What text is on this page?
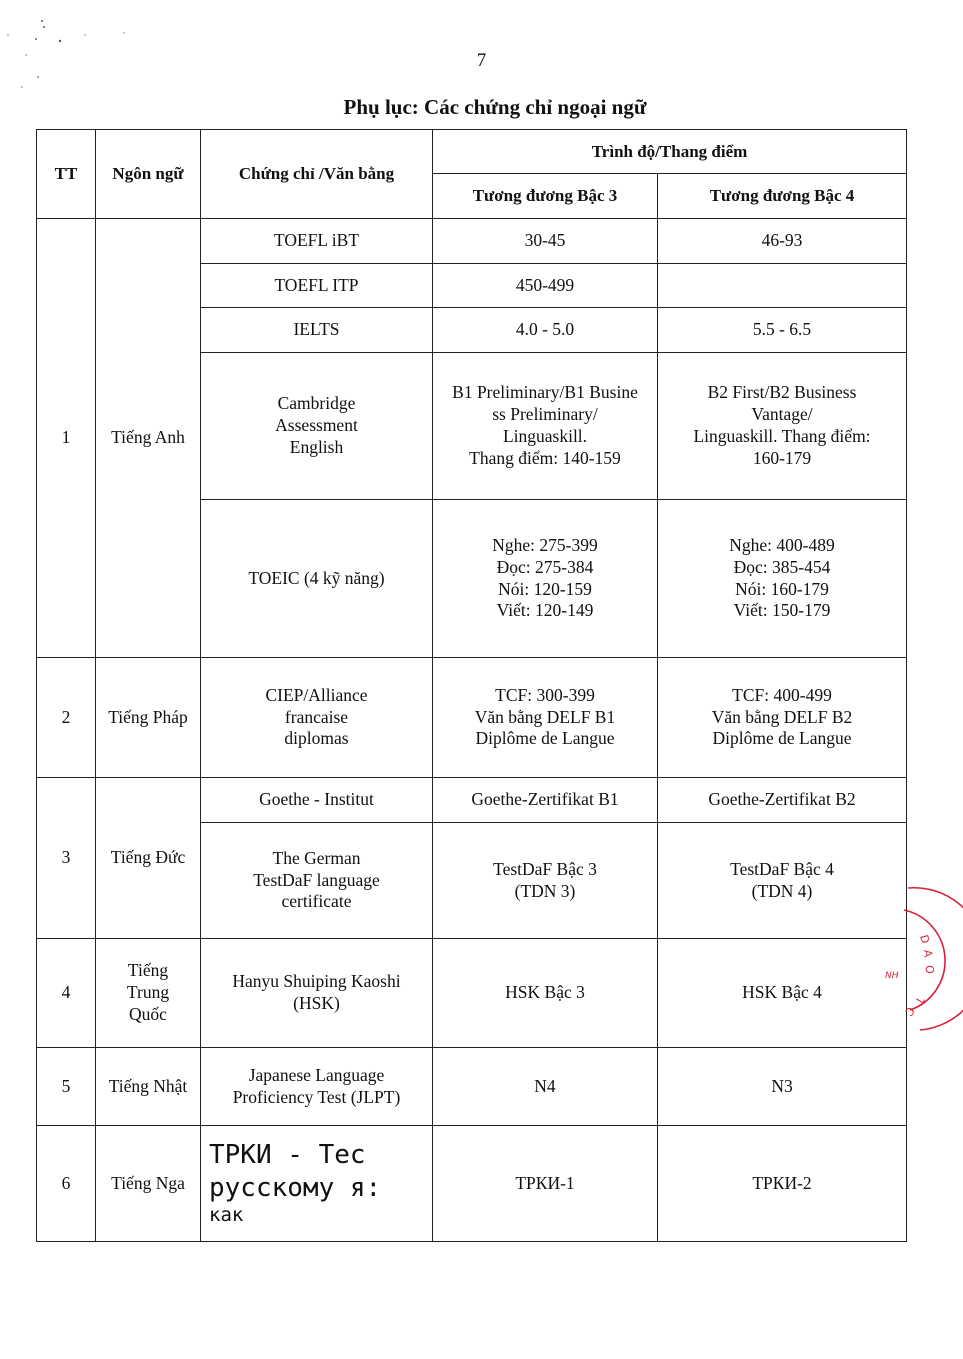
7
Phụ lục: Các chứng chỉ ngoại ngữ
TT	Ngôn ngữ	Chứng chỉ /Văn bằng	Trình độ/Thang điểm	
			Tương đương Bậc 3	Tương đương Bậc 4
1	Tiếng Anh	TOEFL iBT	30-45	46-93
		TOEFL ITP	450-499	
		IELTS	4.0 - 5.0	5.5 - 6.5

		Cambridge
Assessment
English	B1 Preliminary/B1 Busine
ss Preliminary/
Linguaskill.
Thang điểm: 140-159	B2 First/B2 Business
Vantage/
Linguaskill. Thang điểm:
160-179

		TOEIC (4 kỹ năng)	Nghe: 275-399
Đọc: 275-384
Nói: 120-159
Viết: 120-149	Nghe: 400-489
Đọc: 385-454
Nói: 160-179
Viết: 150-179

2	Tiếng Pháp	CIEP/Alliance
francaise
diplomas	TCF: 300-399
Văn bằng DELF B1
Diplôme de Langue	TCF: 400-499
Văn bằng DELF B2
Diplôme de Langue

3	Tiếng Đức	Goethe - Institut	Goethe-Zertifikat B1	Goethe-Zertifikat B2

		The German
TestDaF language
certificate	TestDaF Bậc 3
(TDN 3)	TestDaF Bậc 4
(TDN 4)

4	Tiếng
Trung
Quốc	Hanyu Shuiping Kaoshi
(HSK)	HSK Bậc 3	HSK Bậc 4
5	Tiếng Nhật	Japanese Language
Proficiency Test (JLPT)	N4	N3
6	Tiếng Nga	ТРКИ - Тес
русскому я:
как	ТРКИ-1	ТРКИ-2
D
A
O
T
C
NH
